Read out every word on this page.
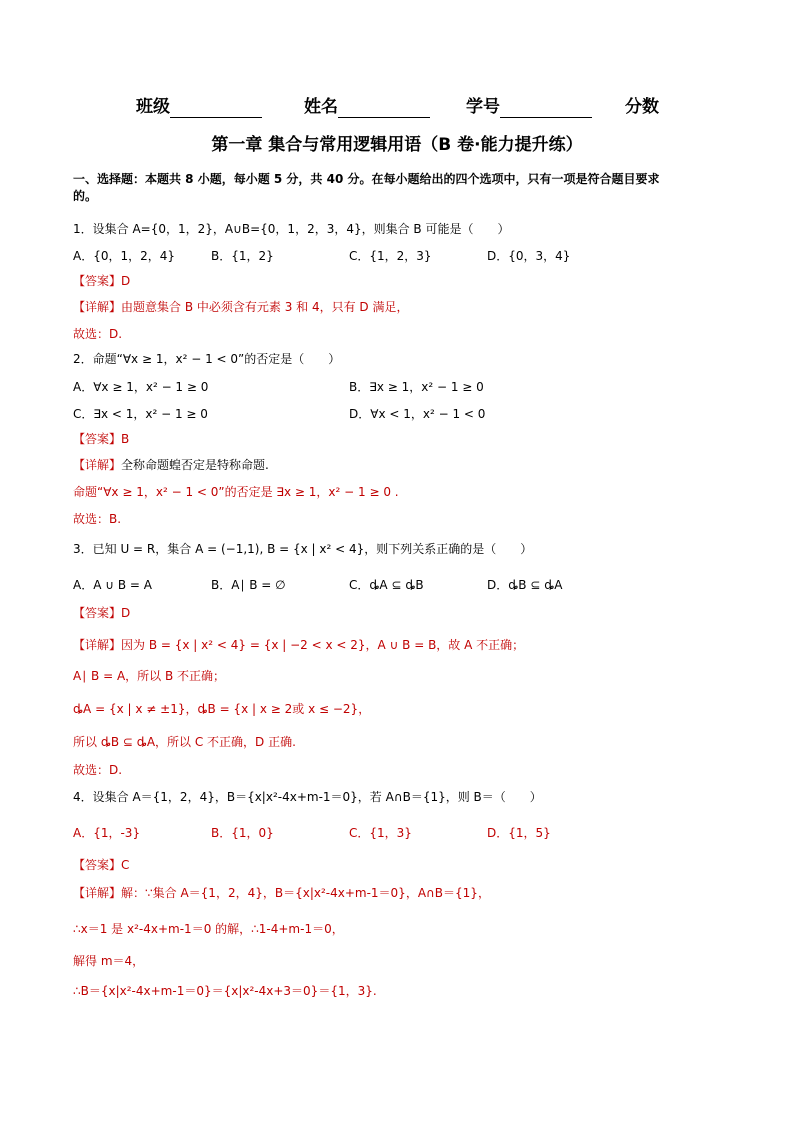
班级	姓名	学号	分数
第一章 集合与常用逻辑用语（B 卷·能力提升练）
一、选择题：本题共 8 小题，每小题 5 分，共 40 分。在每小题给出的四个选项中，只有一项是符合题目要求
的。
1．设集合 A={0，1，2}，A∪B={0，1，2，3，4}，则集合 B 可能是（　　）
A．{0，1，2，4}	B．{1，2}	C．{1，2，3}	D．{0，3，4}
【答案】D
【详解】由题意集合 B 中必须含有元素 3 和 4，只有 D 满足，
故选：D.
2．命题“∀x ≥ 1，x² − 1 < 0”的否定是（　　）
A．∀x ≥ 1，x² − 1 ≥ 0	B．∃x ≥ 1，x² − 1 ≥ 0
C．∃x < 1，x² − 1 ≥ 0	D．∀x < 1，x² − 1 < 0
【答案】B
【详解】全称命题蝗否定是特称命题.
命题“∀x ≥ 1，x² − 1 < 0”的否定是 ∃x ≥ 1，x² − 1 ≥ 0 .
故选：B.
3．已知 U = R，集合 A = (−1,1), B = {x | x² < 4}，则下列关系正确的是（　　）
A．A ∪ B = A	B．A∣ B = ∅	C．ȡA ⊆ ȡB	D．ȡB ⊆ ȡA
【答案】D
【详解】因为 B = {x | x² < 4} = {x | −2 < x < 2}，A ∪ B = B，故 A 不正确；
A∣ B = A，所以 B 不正确；
ȡA = {x | x ≠ ±1}，ȡB = {x | x ≥ 2或 x ≤ −2}，
所以 ȡB ⊆ ȡA，所以 C 不正确，D 正确.
故选：D.
4．设集合 A＝{1，2，4}，B＝{x|x²-4x+m-1＝0}，若 A∩B＝{1}，则 B＝（　　）
A．{1，-3}	B．{1，0}	C．{1，3}	D．{1，5}
【答案】C
【详解】解：∵集合 A＝{1，2，4}，B＝{x|x²-4x+m-1＝0}，A∩B＝{1}，
∴x＝1 是 x²-4x+m-1＝0 的解，∴1-4+m-1＝0，
解得 m＝4，
∴B＝{x|x²-4x+m-1＝0}＝{x|x²-4x+3＝0}＝{1，3}.
